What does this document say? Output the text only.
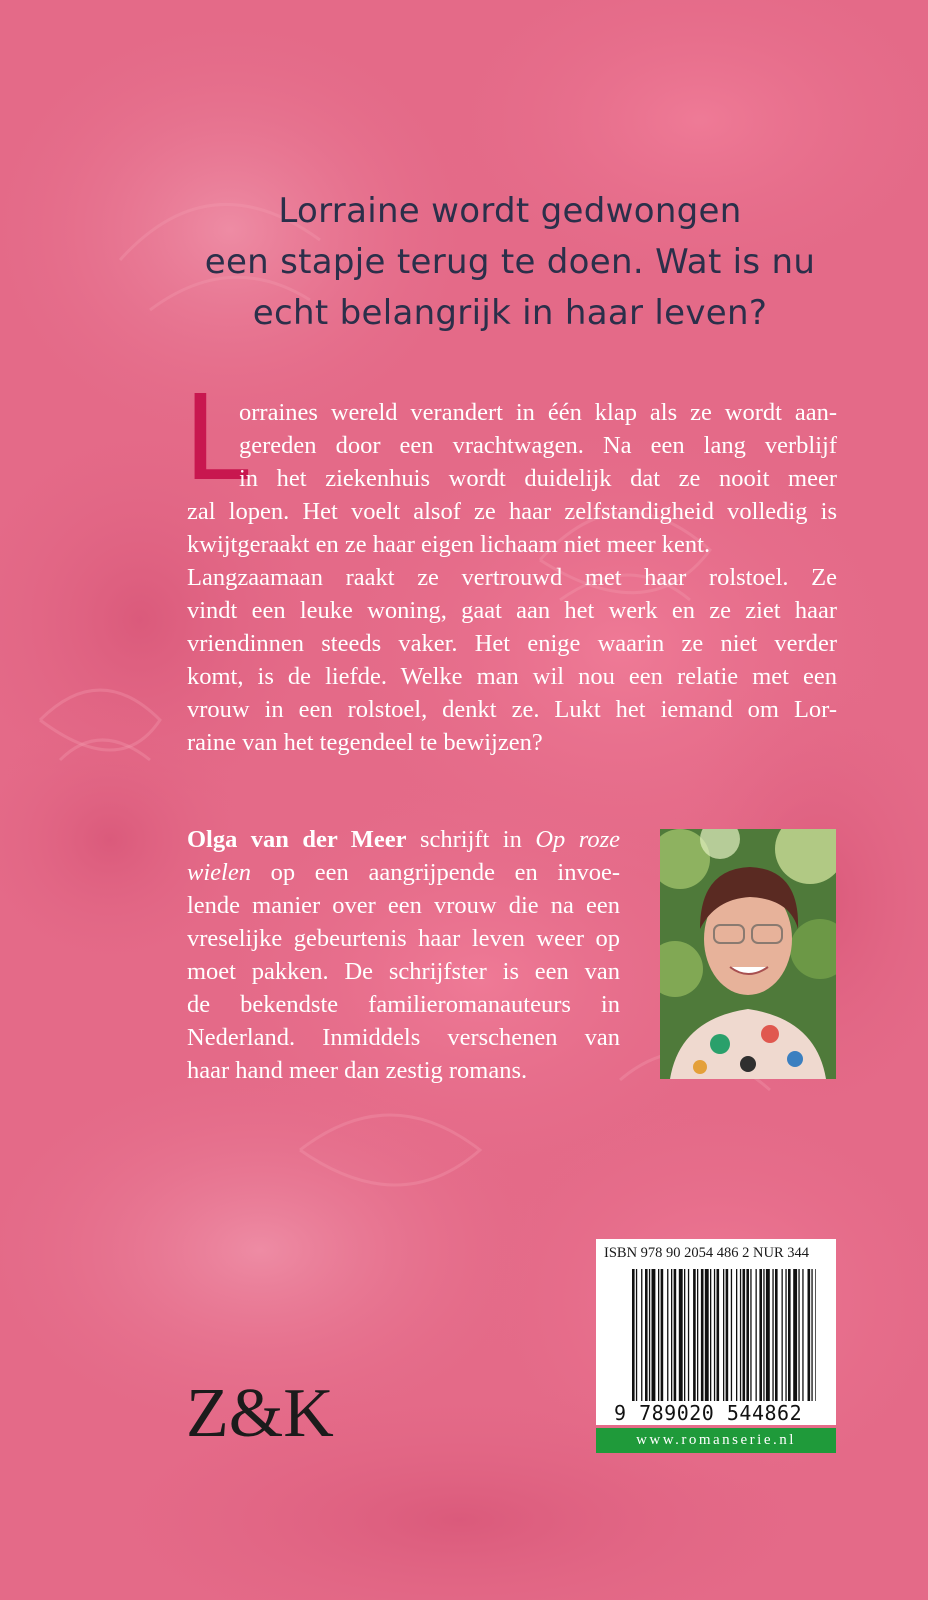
Lorraine wordt gedwongen
een stapje terug te doen. Wat is nu
echt belangrijk in haar leven?
L
orraines wereld verandert in één klap als ze wordt aan-
gereden door een vrachtwagen. Na een lang verblijf
in het ziekenhuis wordt duidelijk dat ze nooit meer
zal lopen. Het voelt alsof ze haar zelfstandigheid volledig is
kwijtgeraakt en ze haar eigen lichaam niet meer kent.
Langzaamaan raakt ze vertrouwd met haar rolstoel. Ze
vindt een leuke woning, gaat aan het werk en ze ziet haar
vriendinnen steeds vaker. Het enige waarin ze niet verder
komt, is de liefde. Welke man wil nou een relatie met een
vrouw in een rolstoel, denkt ze. Lukt het iemand om Lor-
raine van het tegendeel te bewijzen?
Olga van der Meer schrijft in Op roze
wielen op een aangrijpende en invoe-
lende manier over een vrouw die na een
vreselijke gebeurtenis haar leven weer op
moet pakken. De schrijfster is een van
de bekendste familieromanauteurs in
Nederland. Inmiddels verschenen van
haar hand meer dan zestig romans.
Z&K
ISBN 978 90 2054 486 2 NUR 344
9 789020 544862
www.romanserie.nl
